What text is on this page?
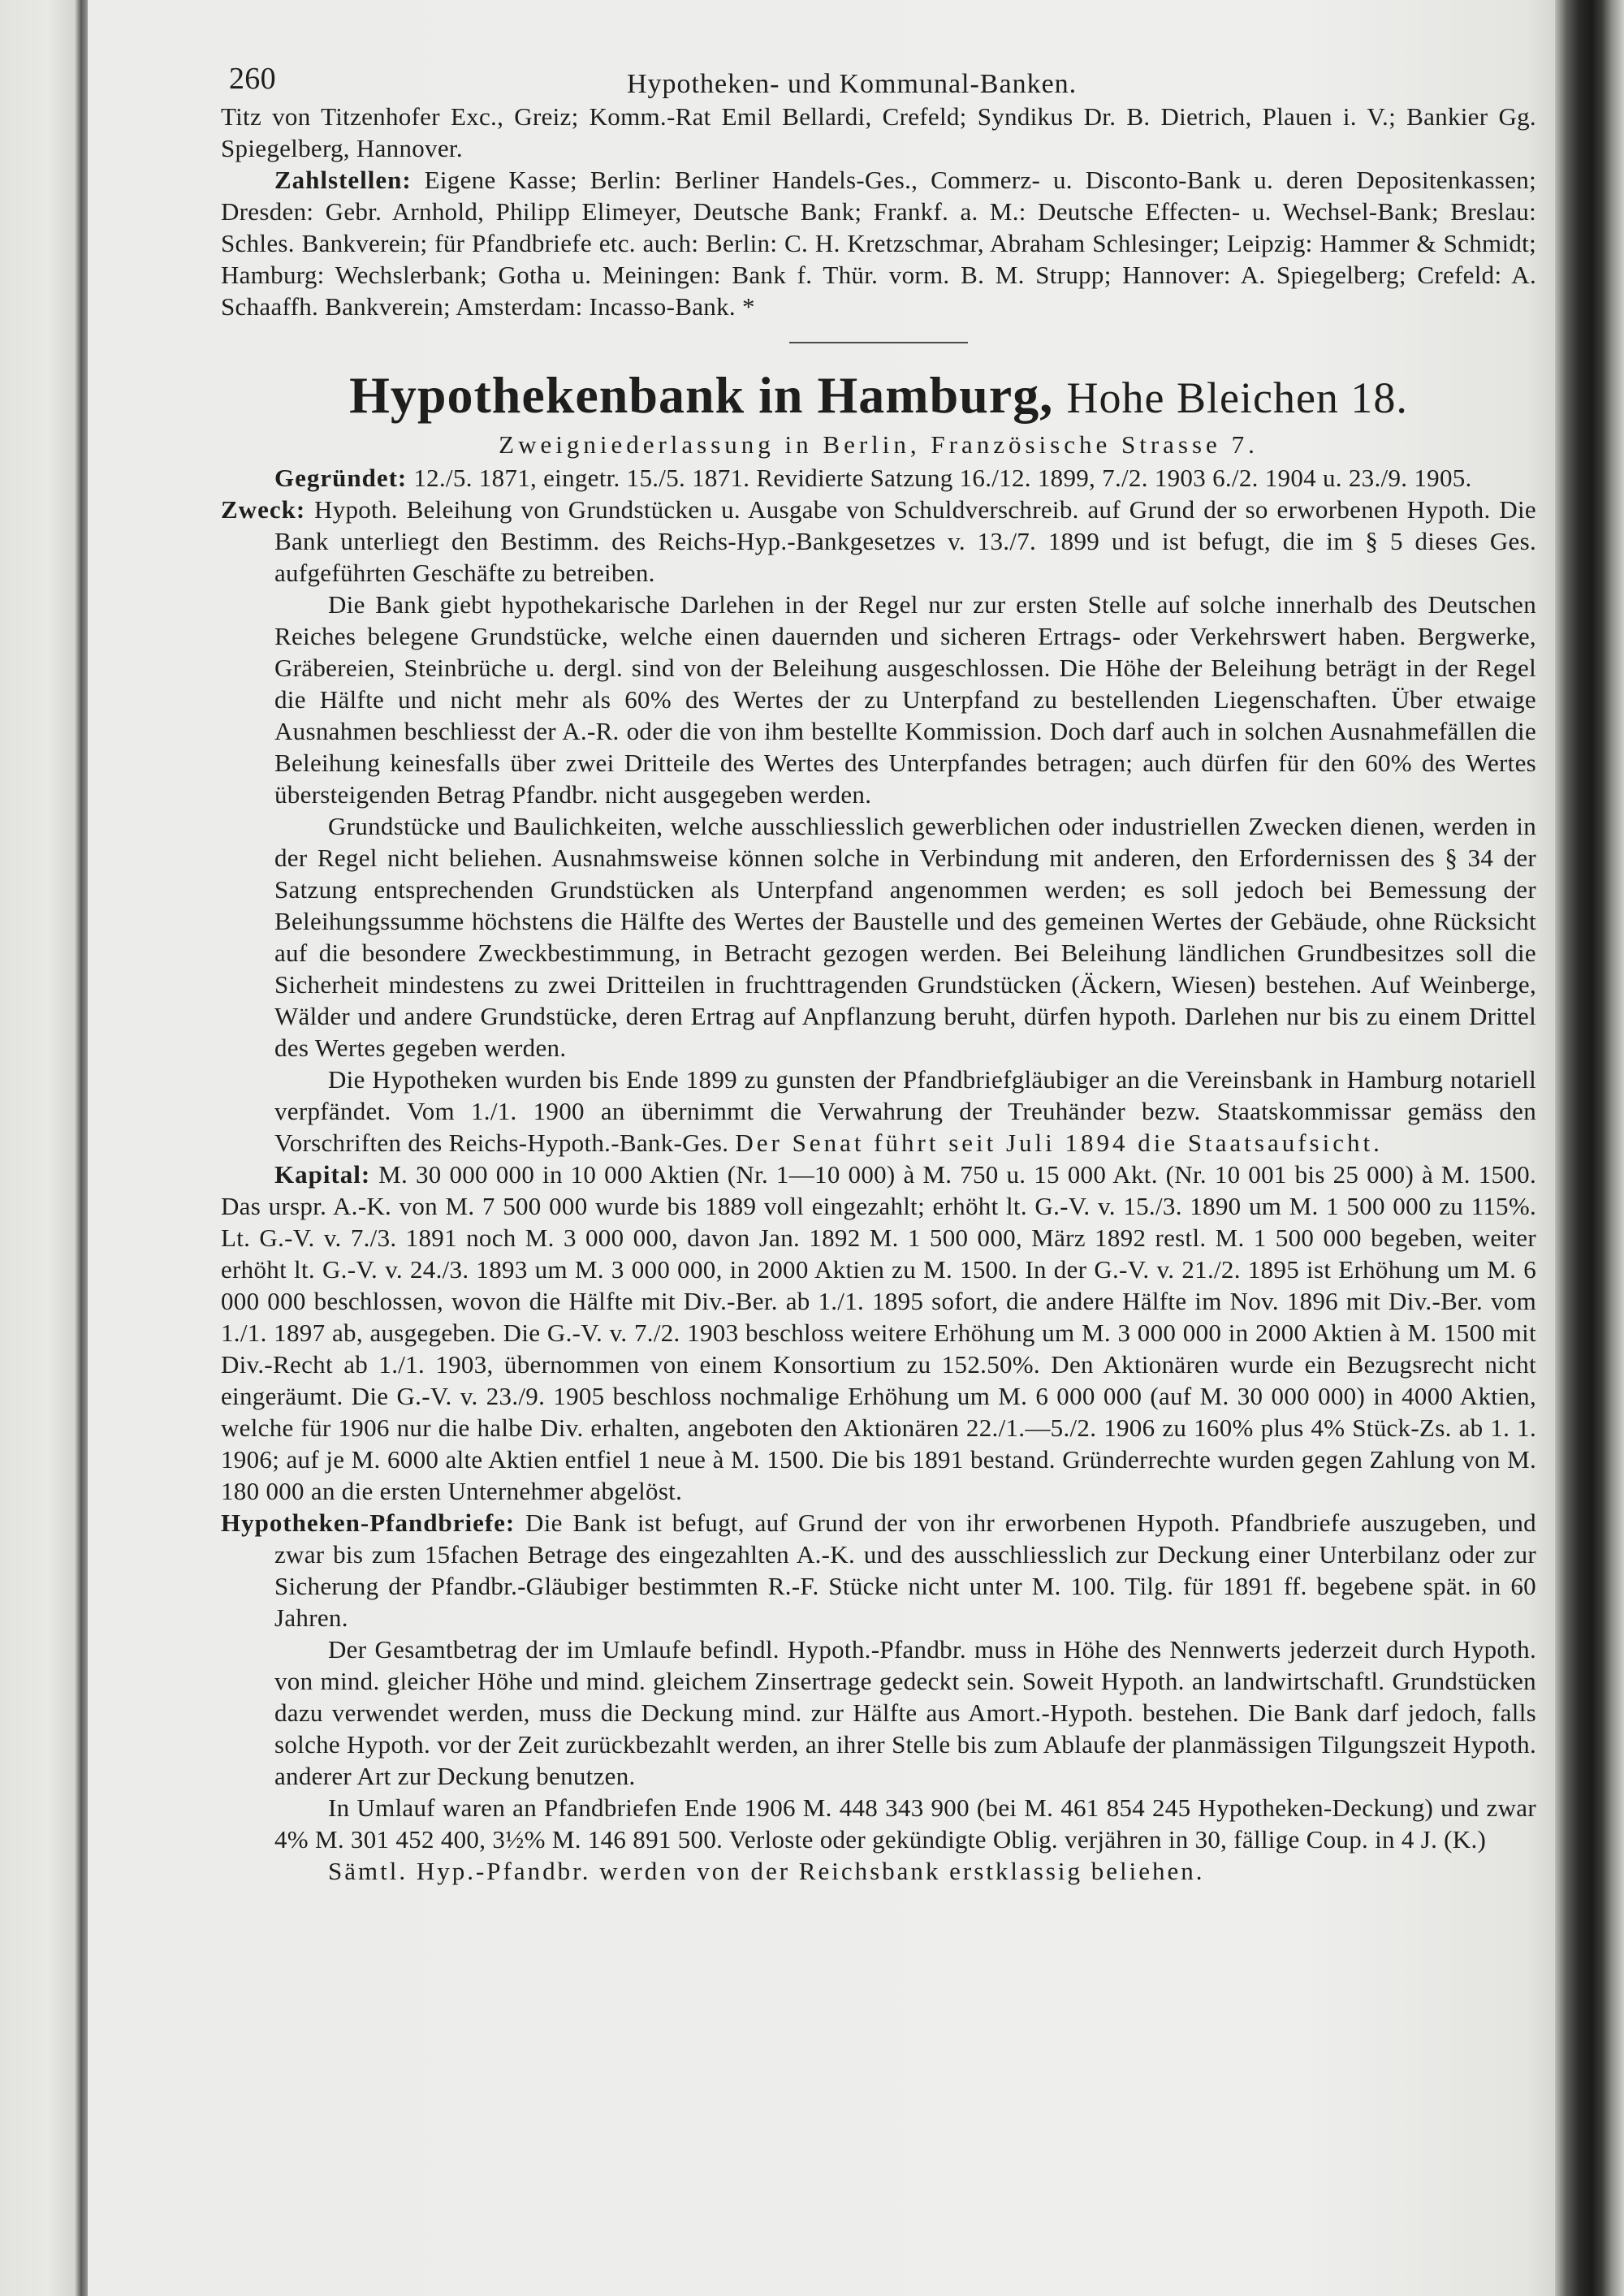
260	Hypotheken- und Kommunal-Banken.

Titz von Titzenhofer Exc., Greiz; Komm.-Rat Emil Bellardi, Crefeld; Syndikus Dr. B. Dietrich, Plauen i. V.; Bankier Gg. Spiegelberg, Hannover.

Zahlstellen: Eigene Kasse; Berlin: Berliner Handels-Ges., Commerz- u. Disconto-Bank u. deren Depositenkassen; Dresden: Gebr. Arnhold, Philipp Elimeyer, Deutsche Bank; Frankf. a. M.: Deutsche Effecten- u. Wechsel-Bank; Breslau: Schles. Bankverein; für Pfandbriefe etc. auch: Berlin: C. H. Kretzschmar, Abraham Schlesinger; Leipzig: Hammer & Schmidt; Hamburg: Wechslerbank; Gotha u. Meiningen: Bank f. Thür. vorm. B. M. Strupp; Hannover: A. Spiegelberg; Crefeld: A. Schaaffh. Bankverein; Amsterdam: Incasso-Bank. *

Hypothekenbank in Hamburg, Hohe Bleichen 18.

Zweigniederlassung in Berlin, Französische Strasse 7.

Gegründet: 12./5. 1871, eingetr. 15./5. 1871. Revidierte Satzung 16./12. 1899, 7./2. 1903 6./2. 1904 u. 23./9. 1905.

Zweck: Hypoth. Beleihung von Grundstücken u. Ausgabe von Schuldverschreib. auf Grund der so erworbenen Hypoth. Die Bank unterliegt den Bestimm. des Reichs-Hyp.-Bankgesetzes v. 13./7. 1899 und ist befugt, die im § 5 dieses Ges. aufgeführten Geschäfte zu betreiben.

Die Bank giebt hypothekarische Darlehen in der Regel nur zur ersten Stelle auf solche innerhalb des Deutschen Reiches belegene Grundstücke, welche einen dauernden und sicheren Ertrags- oder Verkehrswert haben. Bergwerke, Gräbereien, Steinbrüche u. dergl. sind von der Beleihung ausgeschlossen. Die Höhe der Beleihung beträgt in der Regel die Hälfte und nicht mehr als 60% des Wertes der zu Unterpfand zu bestellenden Liegenschaften. Über etwaige Ausnahmen beschliesst der A.-R. oder die von ihm bestellte Kommission. Doch darf auch in solchen Ausnahmefällen die Beleihung keinesfalls über zwei Dritteile des Wertes des Unterpfandes betragen; auch dürfen für den 60% des Wertes übersteigenden Betrag Pfandbr. nicht ausgegeben werden.

Grundstücke und Baulichkeiten, welche ausschliesslich gewerblichen oder industriellen Zwecken dienen, werden in der Regel nicht beliehen. Ausnahmsweise können solche in Verbindung mit anderen, den Erfordernissen des § 34 der Satzung entsprechenden Grundstücken als Unterpfand angenommen werden; es soll jedoch bei Bemessung der Beleihungssumme höchstens die Hälfte des Wertes der Baustelle und des gemeinen Wertes der Gebäude, ohne Rücksicht auf die besondere Zweckbestimmung, in Betracht gezogen werden. Bei Beleihung ländlichen Grundbesitzes soll die Sicherheit mindestens zu zwei Dritteilen in fruchttragenden Grundstücken (Äckern, Wiesen) bestehen. Auf Weinberge, Wälder und andere Grundstücke, deren Ertrag auf Anpflanzung beruht, dürfen hypoth. Darlehen nur bis zu einem Drittel des Wertes gegeben werden.

Die Hypotheken wurden bis Ende 1899 zu gunsten der Pfandbriefgläubiger an die Vereinsbank in Hamburg notariell verpfändet. Vom 1./1. 1900 an übernimmt die Verwahrung der Treuhänder bezw. Staatskommissar gemäss den Vorschriften des Reichs-Hypoth.-Bank-Ges. Der Senat führt seit Juli 1894 die Staatsaufsicht.

Kapital: M. 30 000 000 in 10 000 Aktien (Nr. 1—10 000) à M. 750 u. 15 000 Akt. (Nr. 10 001 bis 25 000) à M. 1500. Das urspr. A.-K. von M. 7 500 000 wurde bis 1889 voll eingezahlt; erhöht lt. G.-V. v. 15./3. 1890 um M. 1 500 000 zu 115%. Lt. G.-V. v. 7./3. 1891 noch M. 3 000 000, davon Jan. 1892 M. 1 500 000, März 1892 restl. M. 1 500 000 begeben, weiter erhöht lt. G.-V. v. 24./3. 1893 um M. 3 000 000, in 2000 Aktien zu M. 1500. In der G.-V. v. 21./2. 1895 ist Erhöhung um M. 6 000 000 beschlossen, wovon die Hälfte mit Div.-Ber. ab 1./1. 1895 sofort, die andere Hälfte im Nov. 1896 mit Div.-Ber. vom 1./1. 1897 ab, ausgegeben. Die G.-V. v. 7./2. 1903 beschloss weitere Erhöhung um M. 3 000 000 in 2000 Aktien à M. 1500 mit Div.-Recht ab 1./1. 1903, übernommen von einem Konsortium zu 152.50%. Den Aktionären wurde ein Bezugsrecht nicht eingeräumt. Die G.-V. v. 23./9. 1905 beschloss nochmalige Erhöhung um M. 6 000 000 (auf M. 30 000 000) in 4000 Aktien, welche für 1906 nur die halbe Div. erhalten, angeboten den Aktionären 22./1.—5./2. 1906 zu 160% plus 4% Stück-Zs. ab 1. 1. 1906; auf je M. 6000 alte Aktien entfiel 1 neue à M. 1500. Die bis 1891 bestand. Gründerrechte wurden gegen Zahlung von M. 180 000 an die ersten Unternehmer abgelöst.

Hypotheken-Pfandbriefe: Die Bank ist befugt, auf Grund der von ihr erworbenen Hypoth. Pfandbriefe auszugeben, und zwar bis zum 15fachen Betrage des eingezahlten A.-K. und des ausschliesslich zur Deckung einer Unterbilanz oder zur Sicherung der Pfandbr.-Gläubiger bestimmten R.-F. Stücke nicht unter M. 100. Tilg. für 1891 ff. begebene spät. in 60 Jahren.

Der Gesamtbetrag der im Umlaufe befindl. Hypoth.-Pfandbr. muss in Höhe des Nennwerts jederzeit durch Hypoth. von mind. gleicher Höhe und mind. gleichem Zinsertrage gedeckt sein. Soweit Hypoth. an landwirtschaftl. Grundstücken dazu verwendet werden, muss die Deckung mind. zur Hälfte aus Amort.-Hypoth. bestehen. Die Bank darf jedoch, falls solche Hypoth. vor der Zeit zurückbezahlt werden, an ihrer Stelle bis zum Ablaufe der planmässigen Tilgungszeit Hypoth. anderer Art zur Deckung benutzen.

In Umlauf waren an Pfandbriefen Ende 1906 M. 448 343 900 (bei M. 461 854 245 Hypotheken-Deckung) und zwar 4% M. 301 452 400, 3½% M. 146 891 500. Verloste oder gekündigte Oblig. verjähren in 30, fällige Coup. in 4 J. (K.)

Sämtl. Hyp.-Pfandbr. werden von der Reichsbank erstklassig beliehen.
